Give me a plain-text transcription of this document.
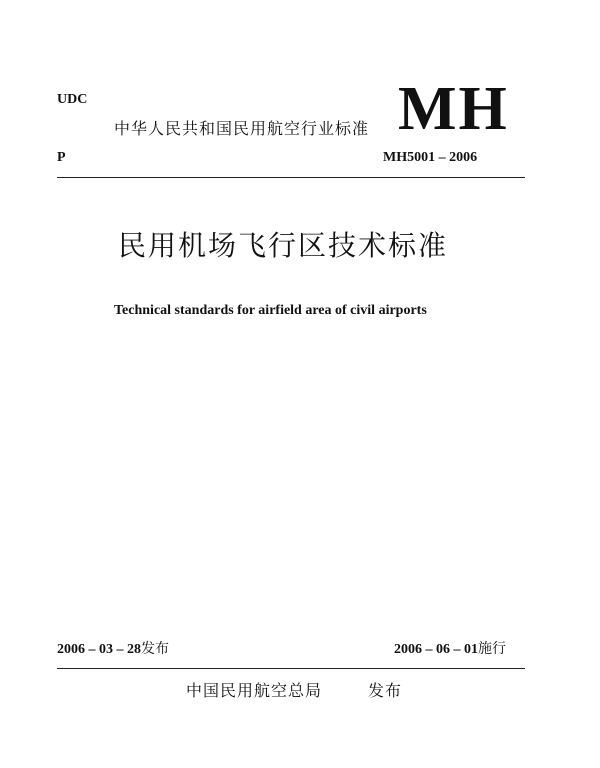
UDC
P
中华人民共和国民用航空行业标准 MH
MH5001 – 2006
民用机场飞行区技术标准
Technical standards for airfield area of civil airports
2006 – 03 – 28发布	2006 – 06 – 01施行
中国民用航空总局	发布
